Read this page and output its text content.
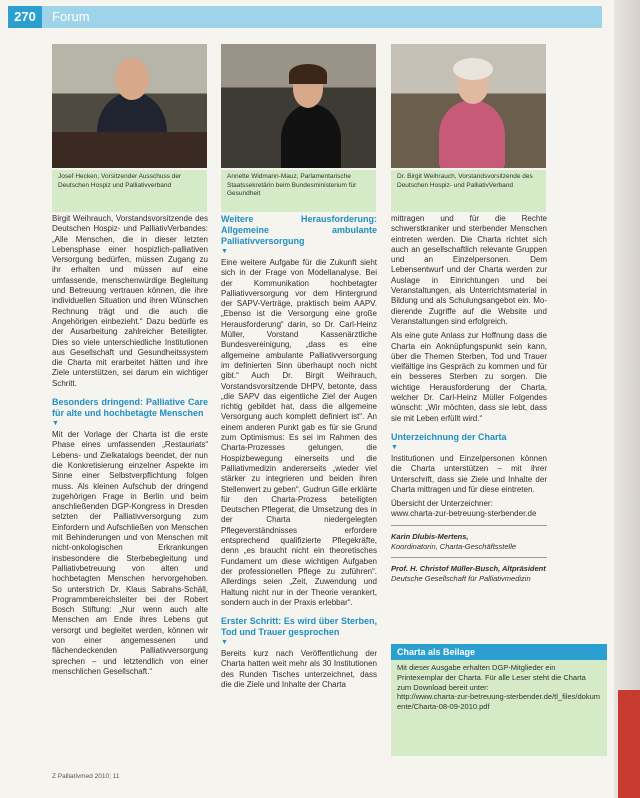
270	Forum
Josef Hecken, Vorsitzender Ausschuss der Deutschen Hospiz und Palliativverband
Annette Widmann-Mauz, Parlamentarische Staatssekretärin beim Bundesministerium für Gesundheit
Dr. Birgit Weihrauch, Vorstandsvorsitzende des Deutschen Hospiz- und PalliativVerband

Birgit Weihrauch, Vorstandsvorsitzende des Deutschen Hospiz- und PalliativVerbandes: „Alle Menschen, die in dieser letzten Lebensphase einer hospizlich-palliativen Versorgung bedürfen, müssen Zugang zu ihr erhalten und müssen auf eine umfassende, menschenwürdige Begleitung und Betreuung vertrauen können, die ihre individuellen Situation und ihren Wünschen Rechnung trägt und die auch die Angehörigen einbezieht.“ Dazu bedürfe es der Ausarbeitung zahlreicher Beteiligter. Dies so viele unterschiedliche Institutionen aus Gesellschaft und Gesundheitssystem die Charta mit erarbeitet hätten und ihre Ziele unterstützen, sei darum ein wichtiger Schritt.

Besonders dringend: Palliative Care für alte und hochbetagte Menschen
▼

Mit der Vorlage der Charta ist die erste Phase eines umfassenden „Restauriats“ Lebens- und Zielkatalogs beendet, der nun die Konkretisierung einzelner Aspekte im Sinne einer Selbstverpflichtung folgen muss. Als kleinen Aufschub der dringend zugehörigen Frage in Berlin und beim anschließenden DGP-Kongress in Dresden setzten der Palliativversorgung zum Einfordern und Aufschließen von Menschen mit Behinderungen und von Menschen mit nicht-onkologischen Erkrankungen insbesondere die Sterbebegleitung und Palliativbetreuung von alten und hochbetagten Menschen hervorgehoben. So unterstrich Dr. Klaus Sabrahs-Schäll, Programmbereichsleiter bei der Robert Bosch Stiftung: „Nur wenn auch alte Menschen am Ende ihres Lebens gut versorgt und begleitet werden, können wir von einer angemessenen und flächendeckenden Palliativversorgung sprechen – und letztendlich von einer menschlichen Gesellschaft.“

Weitere Herausforderung: Allgemeine ambulante Palliativversorgung
▼

Eine weitere Aufgabe für die Zukunft sieht sich in der Frage von Modellanalyse. Bei der Kommunikation hochbetagter Palliativversorgung vor dem Hintergrund der SAPV-Verträge, praktisch beim AAPV. „Ebenso ist die Versorgung eine große Herausforderung“ darin, so Dr. Carl-Heinz Müller, Vorstand Kassenärztliche Bundesvereinigung, „dass es eine allgemeine ambulante Palliativversorgung im definierten Sinn überhaupt noch nicht gibt.“ Auch Dr. Birgit Weihrauch, Vorstandsvorsitzende DHPV, betonte, dass „die SAPV das eigentliche Ziel der Augen richtig gebildet hat, dass die allgemeine Versorgung auch komplett definiert ist“. An einem anderen Punkt gab es für sie Grund zum Optimismus: Es sei im Rahmen des Charta-Prozesses gelungen, die Hospizbewegung einerseits und die Palliativmedizin andererseits „wieder viel stärker zu integrieren und beiden ihren Stellenwert zu geben“. Gudrun Gille erklärte für den Charta-Prozess beteiligten Deutschen Pflegerat, die Umsetzung des in der Charta niedergelegten Pflegeverständnisses erfordere entsprechend qualifizierte Pflegekräfte, denn „es braucht nicht ein theoretisches Fundament um diese wichtigen Aufgaben der professionellen Pflege zu zuführen“. Allerdings seien „Zeit, Zuwendung und Haltung nicht nur in der Theorie verankert, sondern auch in der Praxis erlebbar“.

Erster Schritt: Es wird über Sterben, Tod und Trauer gesprochen
▼

Bereits kurz nach Veröffentlichung der Charta hatten weit mehr als 30 Institutionen des Runden Tisches unterzeichnet, dass die die Ziele und Inhalte der Charta

mittragen und für die Rechte schwerstkranker und sterbender Menschen eintreten werden. Die Charta richtet sich auch an gesellschaftlich relevante Gruppen und an Einzelpersonen. Dem Lebensentwurf und der Charta werden zur Auslage in Einrichtungen und bei Veranstaltungen, als Unterrichtsmaterial in Bildung und als Schulungsangebot ein. Mo-dierende Zugriffe auf die Website und Veranstaltungen sind erfolgreich.

Als eine gute Anlass zur Hoffnung dass die Charta ein Anknüpfungspunkt sein kann, über die Themen Sterben, Tod und Trauer vielfältige ins Gespräch zu kommen und für ein besseres Sterben zu sorgen. Die wichtige Herausforderung der Charta, welcher Dr. Carl-Heinz Müller Folgendes wünscht: „Wir möchten, dass sie lebt, dass sie mit Leben erfüllt wird.“

Unterzeichnung der Charta
▼

Institutionen und Einzelpersonen können die Charta unterstützen – mit ihrer Unterschrift, dass sie Ziele und Inhalte der Charta mittragen und für diese eintreten.

Übersicht der Unterzeichner:

www.charta-zur-betreuung-sterbender.de

Karin Dlubis-Mertens,
Koordinatorin, Charta-Geschäftsstelle
Prof. H. Christof Müller-Busch, Altpräsident
Deutsche Gesellschaft für Palliativmedizin
Charta als Beilage
Mit dieser Ausgabe erhalten DGP-Mitglieder ein Printexemplar der Charta. Für alle Leser steht die Charta zum Download bereit unter:
http://www.charta-zur-betreuung-sterbender.de/tl_files/dokumente/Charta-08-09-2010.pdf
Z Palliativmed 2010; 11
